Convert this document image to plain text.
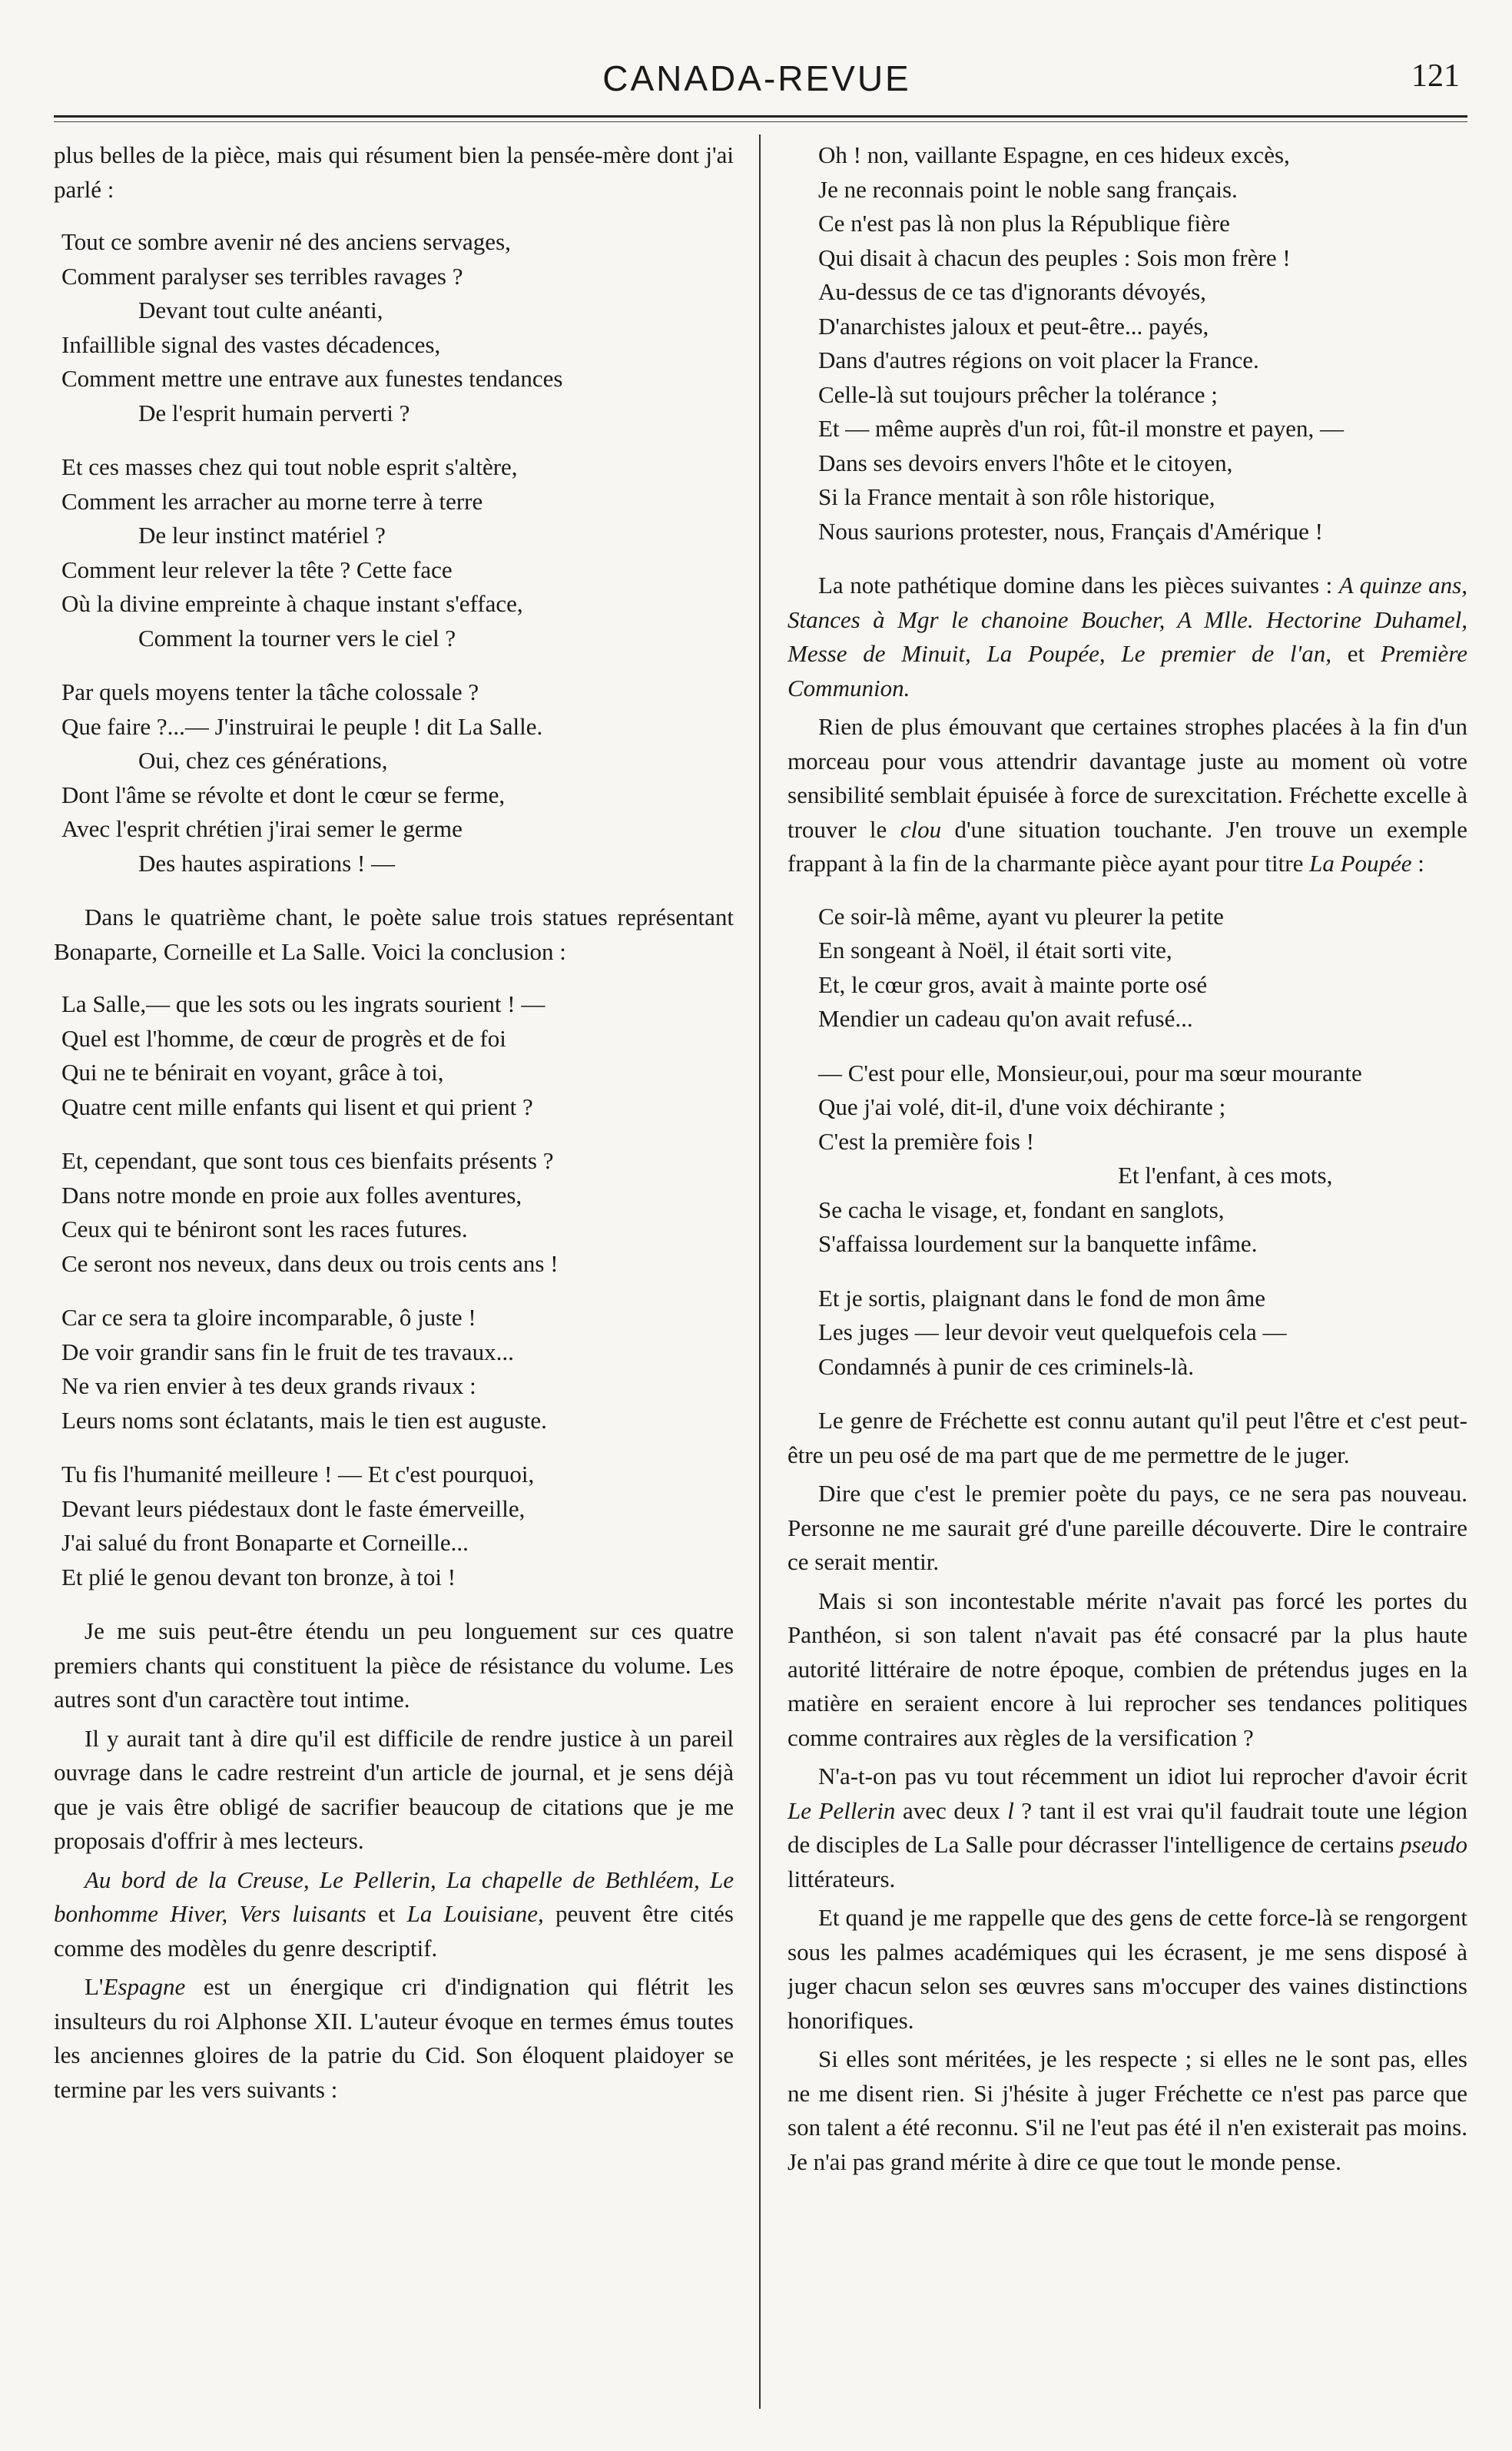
CANADA-REVUE	121

plus belles de la pièce, mais qui résument bien la pensée-mère dont j'ai parlé :

Tout ce sombre avenir né des anciens servages,
Comment paralyser ses terribles ravages ?
Devant tout culte anéanti,
Infaillible signal des vastes décadences,
Comment mettre une entrave aux funestes tendances
De l'esprit humain perverti ?
Et ces masses chez qui tout noble esprit s'altère,
Comment les arracher au morne terre à terre
De leur instinct matériel ?
Comment leur relever la tête ? Cette face
Où la divine empreinte à chaque instant s'efface,
Comment la tourner vers le ciel ?
Par quels moyens tenter la tâche colossale ?
Que faire ?...— J'instruirai le peuple ! dit La Salle.
Oui, chez ces générations,
Dont l'âme se révolte et dont le cœur se ferme,
Avec l'esprit chrétien j'irai semer le germe
Des hautes aspirations ! —

Dans le quatrième chant, le poète salue trois statues représentant Bonaparte, Corneille et La Salle. Voici la conclusion :

La Salle,— que les sots ou les ingrats sourient ! —
Quel est l'homme, de cœur de progrès et de foi
Qui ne te bénirait en voyant, grâce à toi,
Quatre cent mille enfants qui lisent et qui prient ?
Et, cependant, que sont tous ces bienfaits présents ?
Dans notre monde en proie aux folles aventures,
Ceux qui te béniront sont les races futures.
Ce seront nos neveux, dans deux ou trois cents ans !
Car ce sera ta gloire incomparable, ô juste !
De voir grandir sans fin le fruit de tes travaux...
Ne va rien envier à tes deux grands rivaux :
Leurs noms sont éclatants, mais le tien est auguste.
Tu fis l'humanité meilleure ! — Et c'est pourquoi,
Devant leurs piédestaux dont le faste émerveille,
J'ai salué du front Bonaparte et Corneille...
Et plié le genou devant ton bronze, à toi !

Je me suis peut-être étendu un peu longuement sur ces quatre premiers chants qui constituent la pièce de résistance du volume. Les autres sont d'un caractère tout intime.

Il y aurait tant à dire qu'il est difficile de rendre justice à un pareil ouvrage dans le cadre restreint d'un article de journal, et je sens déjà que je vais être obligé de sacrifier beaucoup de citations que je me proposais d'offrir à mes lecteurs.

Au bord de la Creuse, Le Pellerin, La chapelle de Bethléem, Le bonhomme Hiver, Vers luisants et La Louisiane, peuvent être cités comme des modèles du genre descriptif.

L'Espagne est un énergique cri d'indignation qui flétrit les insulteurs du roi Alphonse XII. L'auteur évoque en termes émus toutes les anciennes gloires de la patrie du Cid. Son éloquent plaidoyer se termine par les vers suivants :

Oh ! non, vaillante Espagne, en ces hideux excès,
Je ne reconnais point le noble sang français.
Ce n'est pas là non plus la République fière
Qui disait à chacun des peuples : Sois mon frère !
Au-dessus de ce tas d'ignorants dévoyés,
D'anarchistes jaloux et peut-être... payés,
Dans d'autres régions on voit placer la France.
Celle-là sut toujours prêcher la tolérance ;
Et — même auprès d'un roi, fût-il monstre et payen, —
Dans ses devoirs envers l'hôte et le citoyen,
Si la France mentait à son rôle historique,
Nous saurions protester, nous, Français d'Amérique !

La note pathétique domine dans les pièces suivantes : A quinze ans, Stances à Mgr le chanoine Boucher, A Mlle. Hectorine Duhamel, Messe de Minuit, La Poupée, Le premier de l'an, et Première Communion.

Rien de plus émouvant que certaines strophes placées à la fin d'un morceau pour vous attendrir davantage juste au moment où votre sensibilité semblait épuisée à force de surexcitation. Fréchette excelle à trouver le clou d'une situation touchante. J'en trouve un exemple frappant à la fin de la charmante pièce ayant pour titre La Poupée :

Ce soir-là même, ayant vu pleurer la petite
En songeant à Noël, il était sorti vite,
Et, le cœur gros, avait à mainte porte osé
Mendier un cadeau qu'on avait refusé...
— C'est pour elle, Monsieur,oui, pour ma sœur mourante
Que j'ai volé, dit-il, d'une voix déchirante ;
C'est la première fois !
Et l'enfant, à ces mots,
Se cacha le visage, et, fondant en sanglots,
S'affaissa lourdement sur la banquette infâme.
Et je sortis, plaignant dans le fond de mon âme
Les juges — leur devoir veut quelquefois cela —
Condamnés à punir de ces criminels-là.

Le genre de Fréchette est connu autant qu'il peut l'être et c'est peut-être un peu osé de ma part que de me permettre de le juger.

Dire que c'est le premier poète du pays, ce ne sera pas nouveau. Personne ne me saurait gré d'une pareille découverte. Dire le contraire ce serait mentir.

Mais si son incontestable mérite n'avait pas forcé les portes du Panthéon, si son talent n'avait pas été consacré par la plus haute autorité littéraire de notre époque, combien de prétendus juges en la matière en seraient encore à lui reprocher ses tendances politiques comme contraires aux règles de la versification ?

N'a-t-on pas vu tout récemment un idiot lui reprocher d'avoir écrit Le Pellerin avec deux l ? tant il est vrai qu'il faudrait toute une légion de disciples de La Salle pour décrasser l'intelligence de certains pseudo littérateurs.

Et quand je me rappelle que des gens de cette force-là se rengorgent sous les palmes académiques qui les écrasent, je me sens disposé à juger chacun selon ses œuvres sans m'occuper des vaines distinctions honorifiques.

Si elles sont méritées, je les respecte ; si elles ne le sont pas, elles ne me disent rien. Si j'hésite à juger Fréchette ce n'est pas parce que son talent a été reconnu. S'il ne l'eut pas été il n'en existerait pas moins. Je n'ai pas grand mérite à dire ce que tout le monde pense.
